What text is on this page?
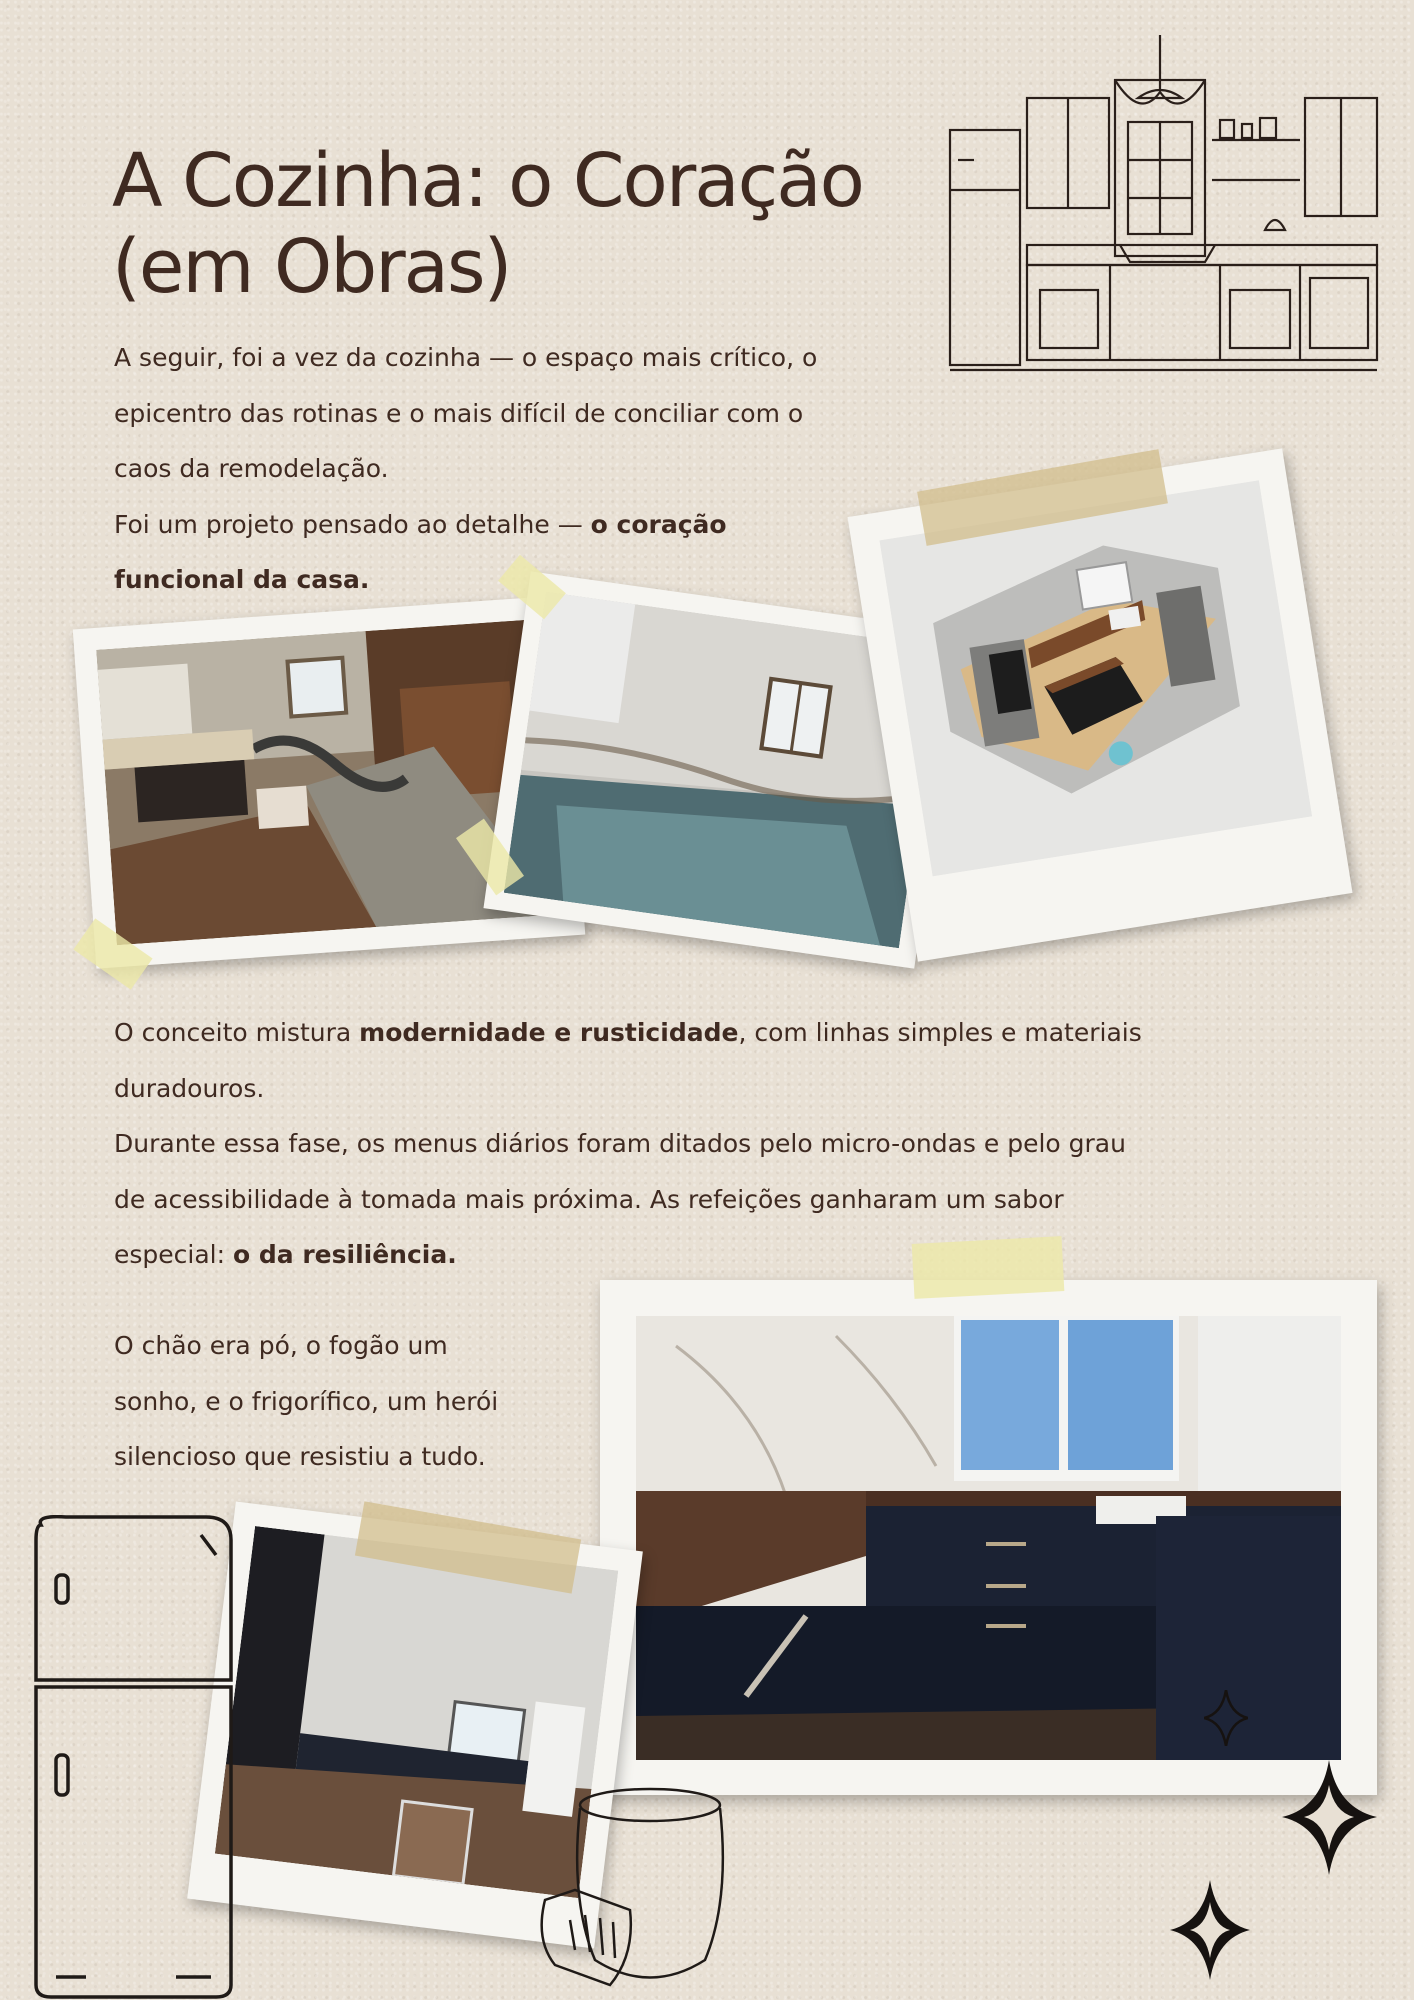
A Cozinha: o Coração
(em Obras)
A seguir, foi a vez da cozinha — o espaço mais crítico, o
epicentro das rotinas e o mais difícil de conciliar com o
caos da remodelação.
Foi um projeto pensado ao detalhe — o coração
funcional da casa.
O conceito mistura modernidade e rusticidade, com linhas simples e materiais
duradouros.
Durante essa fase, os menus diários foram ditados pelo micro-ondas e pelo grau
de acessibilidade à tomada mais próxima. As refeições ganharam um sabor
especial: o da resiliência.
O chão era pó, o fogão um
sonho, e o frigorífico, um herói
silencioso que resistiu a tudo.
